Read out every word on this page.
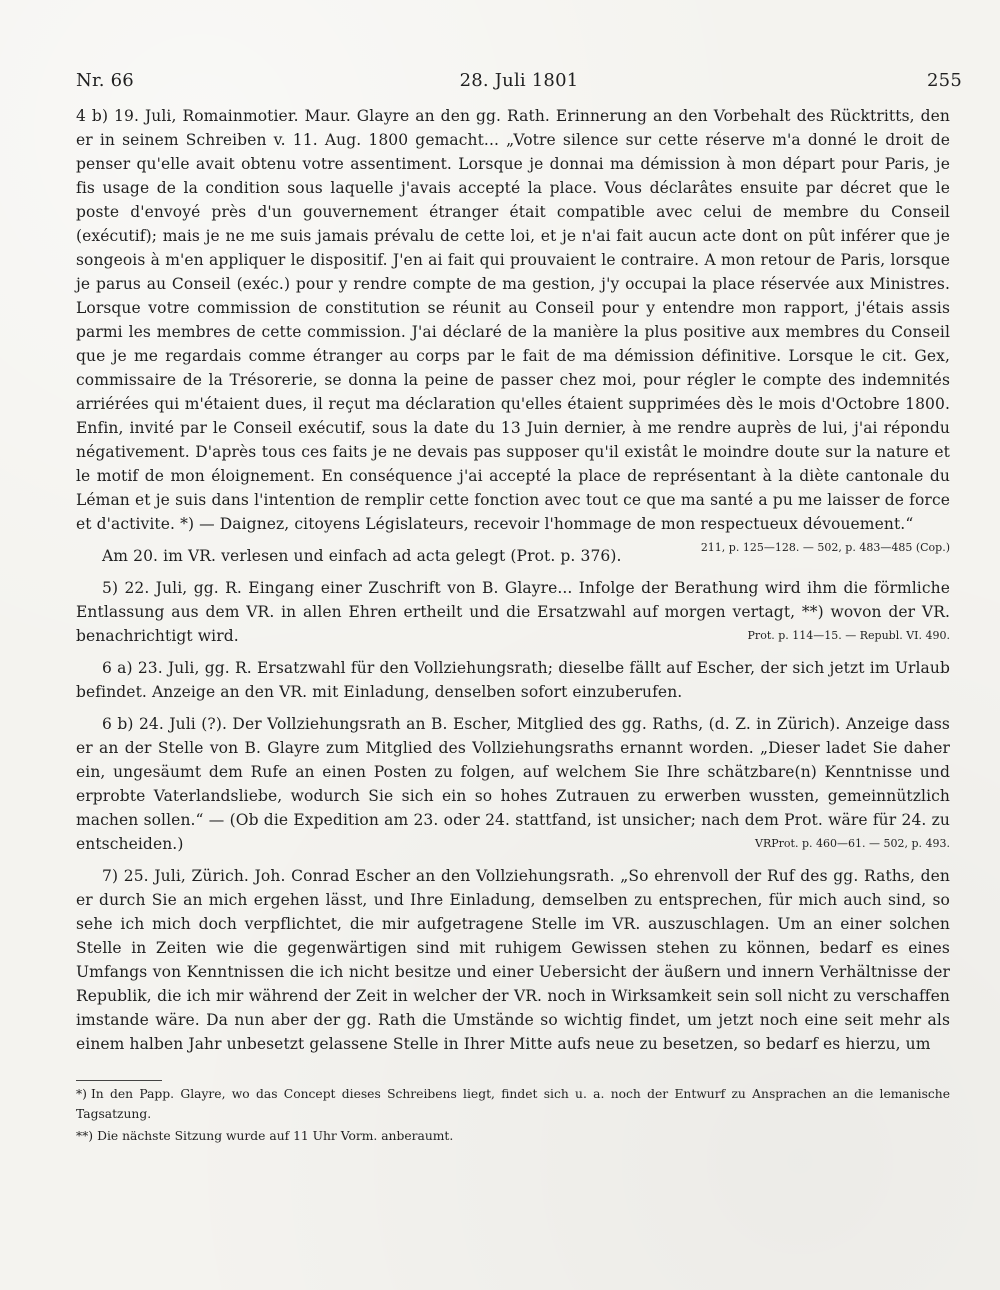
Nr. 66	28. Juli 1801	255
4 b) 19. Juli, Romainmotier. Maur. Glayre an den gg. Rath. Erinnerung an den Vorbehalt des Rücktritts, den er in seinem Schreiben v. 11. Aug. 1800 gemacht... „Votre silence sur cette réserve m'a donné le droit de penser qu'elle avait obtenu votre assentiment. Lorsque je donnai ma démission à mon départ pour Paris, je fis usage de la condition sous laquelle j'avais accepté la place. Vous déclarâtes ensuite par décret que le poste d'envoyé près d'un gouvernement étranger était compatible avec celui de membre du Conseil (exécutif); mais je ne me suis jamais prévalu de cette loi, et je n'ai fait aucun acte dont on pût inférer que je songeois à m'en appliquer le dispositif. J'en ai fait qui prouvaient le contraire. A mon retour de Paris, lorsque je parus au Conseil (exéc.) pour y rendre compte de ma gestion, j'y occupai la place réservée aux Ministres. Lorsque votre commission de constitution se réunit au Conseil pour y entendre mon rapport, j'étais assis parmi les membres de cette commission. J'ai déclaré de la manière la plus positive aux membres du Conseil que je me regardais comme étranger au corps par le fait de ma démission définitive. Lorsque le cit. Gex, commissaire de la Trésorerie, se donna la peine de passer chez moi, pour régler le compte des indemnités arriérées qui m'étaient dues, il reçut ma déclaration qu'elles étaient supprimées dès le mois d'Octobre 1800. Enfin, invité par le Conseil exécutif, sous la date du 13 Juin dernier, à me rendre auprès de lui, j'ai répondu négativement. D'après tous ces faits je ne devais pas supposer qu'il existât le moindre doute sur la nature et le motif de mon éloignement. En conséquence j'ai accepté la place de représentant à la diète cantonale du Léman et je suis dans l'intention de remplir cette fonction avec tout ce que ma santé a pu me laisser de force et d'activite. *) — Daignez, citoyens Législateurs, recevoir l'hommage de mon respectueux dévouement.“
211, p. 125—128. — 502, p. 483—485 (Cop.)
Am 20. im VR. verlesen und einfach ad acta gelegt (Prot. p. 376).
5) 22. Juli, gg. R. Eingang einer Zuschrift von B. Glayre... Infolge der Berathung wird ihm die förmliche Entlassung aus dem VR. in allen Ehren ertheilt und die Ersatzwahl auf morgen vertagt, **) wovon der VR. benachrichtigt wird.	Prot. p. 114—15. — Republ. VI. 490.
6 a) 23. Juli, gg. R. Ersatzwahl für den Vollziehungsrath; dieselbe fällt auf Escher, der sich jetzt im Urlaub befindet. Anzeige an den VR. mit Einladung, denselben sofort einzuberufen.
6 b) 24. Juli (?). Der Vollziehungsrath an B. Escher, Mitglied des gg. Raths, (d. Z. in Zürich). Anzeige dass er an der Stelle von B. Glayre zum Mitglied des Vollziehungsraths ernannt worden. „Dieser ladet Sie daher ein, ungesäumt dem Rufe an einen Posten zu folgen, auf welchem Sie Ihre schätzbare(n) Kenntnisse und erprobte Vaterlandsliebe, wodurch Sie sich ein so hohes Zutrauen zu erwerben wussten, gemeinnützlich machen sollen.“ — (Ob die Expedition am 23. oder 24. stattfand, ist unsicher; nach dem Prot. wäre für 24. zu entscheiden.)	VRProt. p. 460—61. — 502, p. 493.
7) 25. Juli, Zürich. Joh. Conrad Escher an den Vollziehungsrath. „So ehrenvoll der Ruf des gg. Raths, den er durch Sie an mich ergehen lässt, und Ihre Einladung, demselben zu entsprechen, für mich auch sind, so sehe ich mich doch verpflichtet, die mir aufgetragene Stelle im VR. auszuschlagen. Um an einer solchen Stelle in Zeiten wie die gegenwärtigen sind mit ruhigem Gewissen stehen zu können, bedarf es eines Umfangs von Kenntnissen die ich nicht besitze und einer Uebersicht der äußern und innern Verhältnisse der Republik, die ich mir während der Zeit in welcher der VR. noch in Wirksamkeit sein soll nicht zu verschaffen imstande wäre. Da nun aber der gg. Rath die Umstände so wichtig findet, um jetzt noch eine seit mehr als einem halben Jahr unbesetzt gelassene Stelle in Ihrer Mitte aufs neue zu besetzen, so bedarf es hierzu, um
*) In den Papp. Glayre, wo das Concept dieses Schreibens liegt, findet sich u. a. noch der Entwurf zu Ansprachen an die lemanische Tagsatzung.
**) Die nächste Sitzung wurde auf 11 Uhr Vorm. anberaumt.
